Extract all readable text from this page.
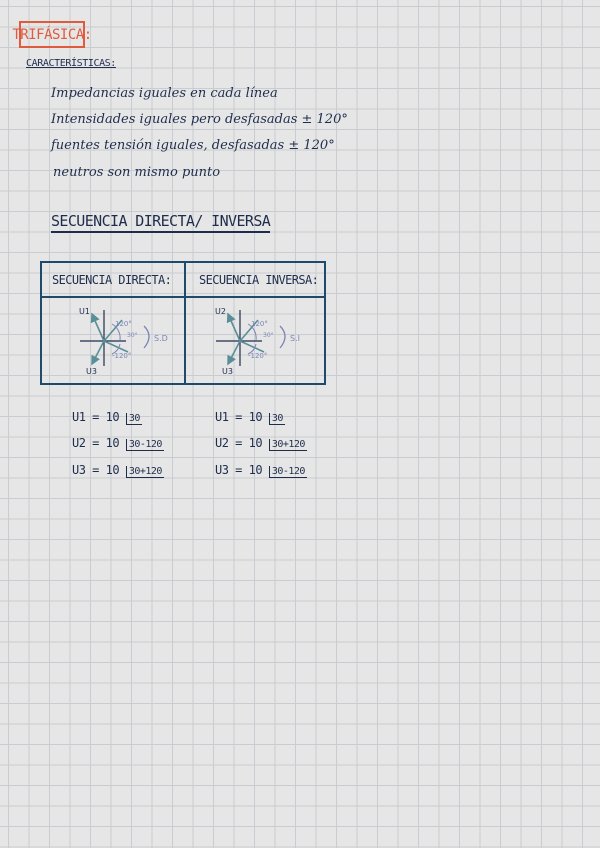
TRIFÁSICA:
CARACTERÍSTICAS:
Impedancias iguales en cada línea
Intensidades iguales pero desfasadas ± 120°
fuentes tensión iguales, desfasadas ± 120°
neutros son mismo punto
SECUENCIA DIRECTA/ INVERSA
SECUENCIA DIRECTA: SECUENCIA INVERSA:
U1
U3
120°
30°
-120°
S.D
U2
U3
120°
30°
-120°
S.I
U1 = 10 30
U2 = 10 30-120
U3 = 10 30+120
U1 = 10 30
U2 = 10 30+120
U3 = 10 30-120
